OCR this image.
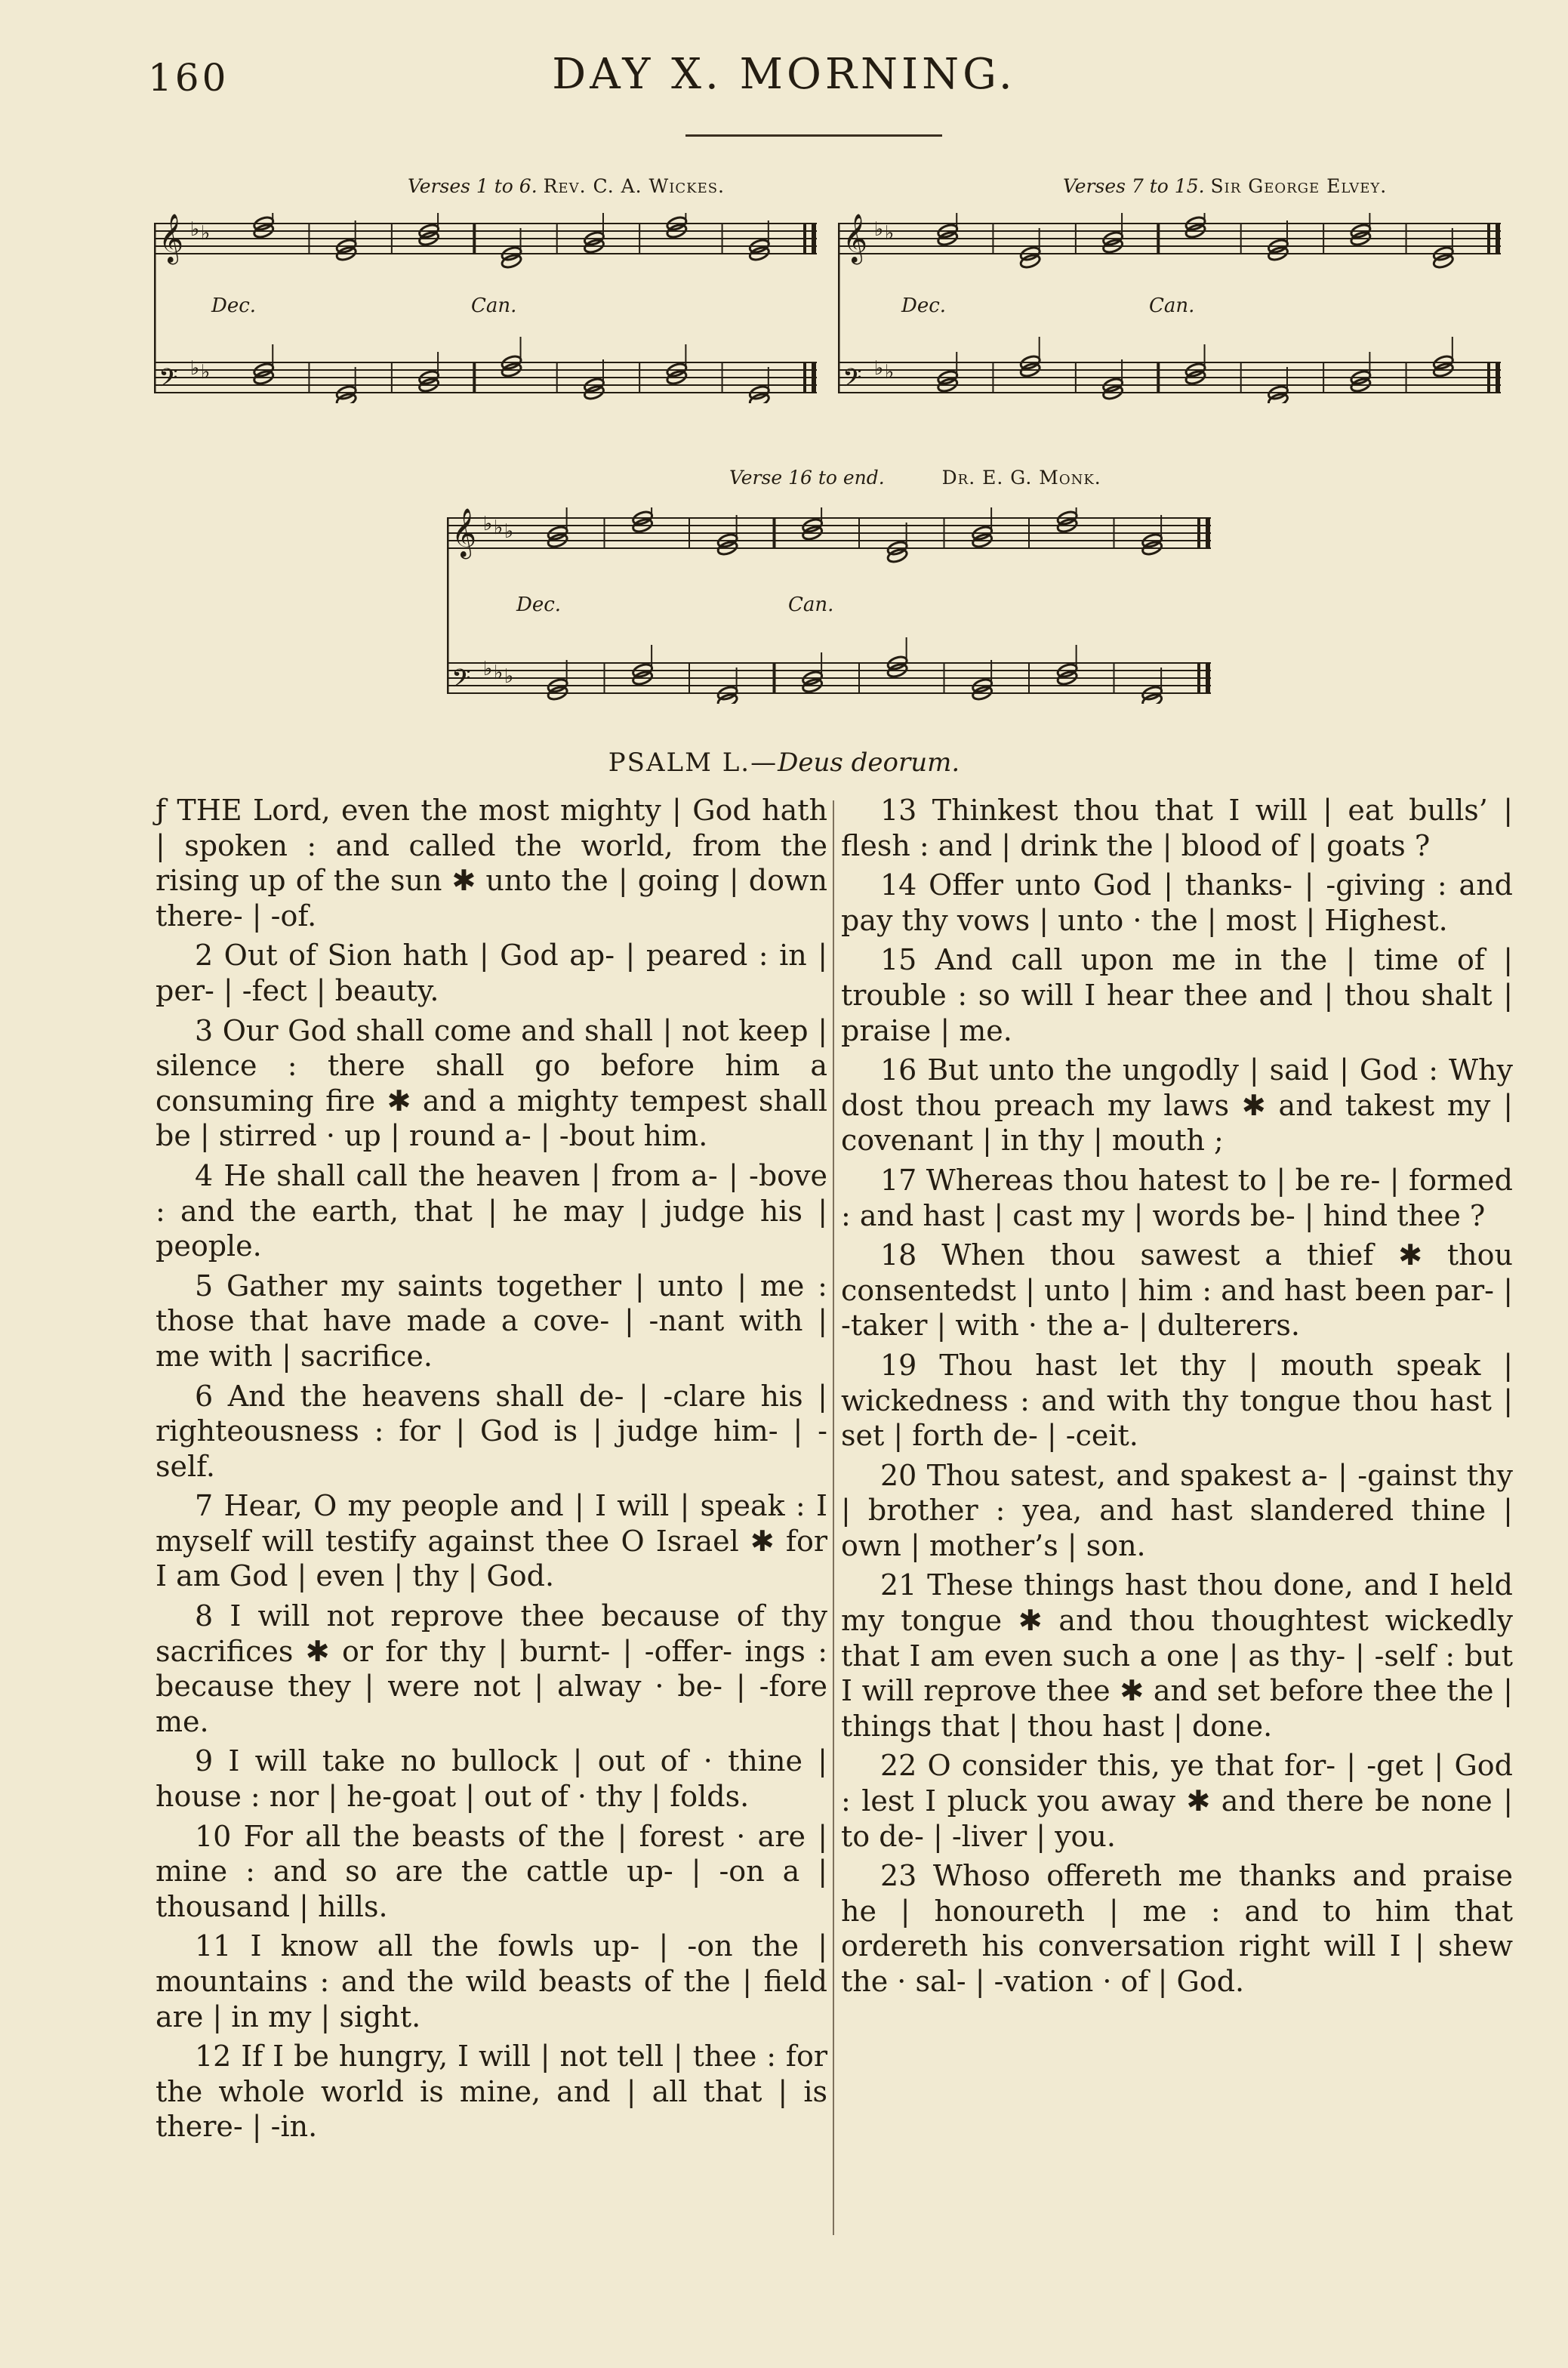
160	DAY X. MORNING.
Verses 1 to 6. Rev. C. A. Wickes.
𝄞 ♭ ♭
𝄢 ♭ ♭
Dec.	Can.
Verses 7 to 15. Sir George Elvey.
𝄞 ♭ ♭
𝄢 ♭ ♭
Dec.	Can.
Verse 16 to end.	Dr. E. G. Monk.
𝄞 ♭ ♭ ♭
𝄢 ♭ ♭ ♭
Dec.	Can.
PSALM L.—Deus deorum.

ƒ THE Lord, even the most mighty | God hath | spoken : and called the world, from the rising up of the sun ✱ unto the | going | down there- | -of.

2 Out of Sion hath | God ap- | peared : in | per- | -fect | beauty.

3 Our God shall come and shall | not keep | silence : there shall go before him a consuming fire ✱ and a mighty tempest shall be | stirred · up | round a- | -bout him.

4 He shall call the heaven | from a- | -bove : and the earth, that | he may | judge his | people.

5 Gather my saints together | unto | me : those that have made a cove- | -nant with | me with | sacrifice.

6 And the heavens shall de- | -clare his | righteousness : for | God is | judge him- | -self.

7 Hear, O my people and | I will | speak : I myself will testify against thee O Israel ✱ for I am God | even | thy | God.

8 I will not reprove thee because of thy sacrifices ✱ or for thy | burnt- | -offer- ings : because they | were not | alway · be- | -fore me.

9 I will take no bullock | out of · thine | house : nor | he-goat | out of · thy | folds.

10 For all the beasts of the | forest · are | mine : and so are the cattle up- | -on a | thousand | hills.

11 I know all the fowls up- | -on the | mountains : and the wild beasts of the | field are | in my | sight.

12 If I be hungry, I will | not tell | thee : for the whole world is mine, and | all that | is there- | -in.

13 Thinkest thou that I will | eat bulls’ | flesh : and | drink the | blood of | goats ?

14 Offer unto God | thanks- | -giving : and pay thy vows | unto · the | most | Highest.

15 And call upon me in the | time of | trouble : so will I hear thee and | thou shalt | praise | me.

16 But unto the ungodly | said | God : Why dost thou preach my laws ✱ and takest my | covenant | in thy | mouth ;

17 Whereas thou hatest to | be re- | formed : and hast | cast my | words be- | hind thee ?

18 When thou sawest a thief ✱ thou consentedst | unto | him : and hast been par- | -taker | with · the a- | dulterers.

19 Thou hast let thy | mouth speak | wickedness : and with thy tongue thou hast | set | forth de- | -ceit.

20 Thou satest, and spakest a- | -gainst thy | brother : yea, and hast slandered thine | own | mother’s | son.

21 These things hast thou done, and I held my tongue ✱ and thou thoughtest wickedly that I am even such a one | as thy- | -self : but I will reprove thee ✱ and set before thee the | things that | thou hast | done.

22 O consider this, ye that for- | -get | God : lest I pluck you away ✱ and there be none | to de- | -liver | you.

23 Whoso offereth me thanks and praise he | honoureth | me : and to him that ordereth his conversation right will I | shew the · sal- | -vation · of | God.
